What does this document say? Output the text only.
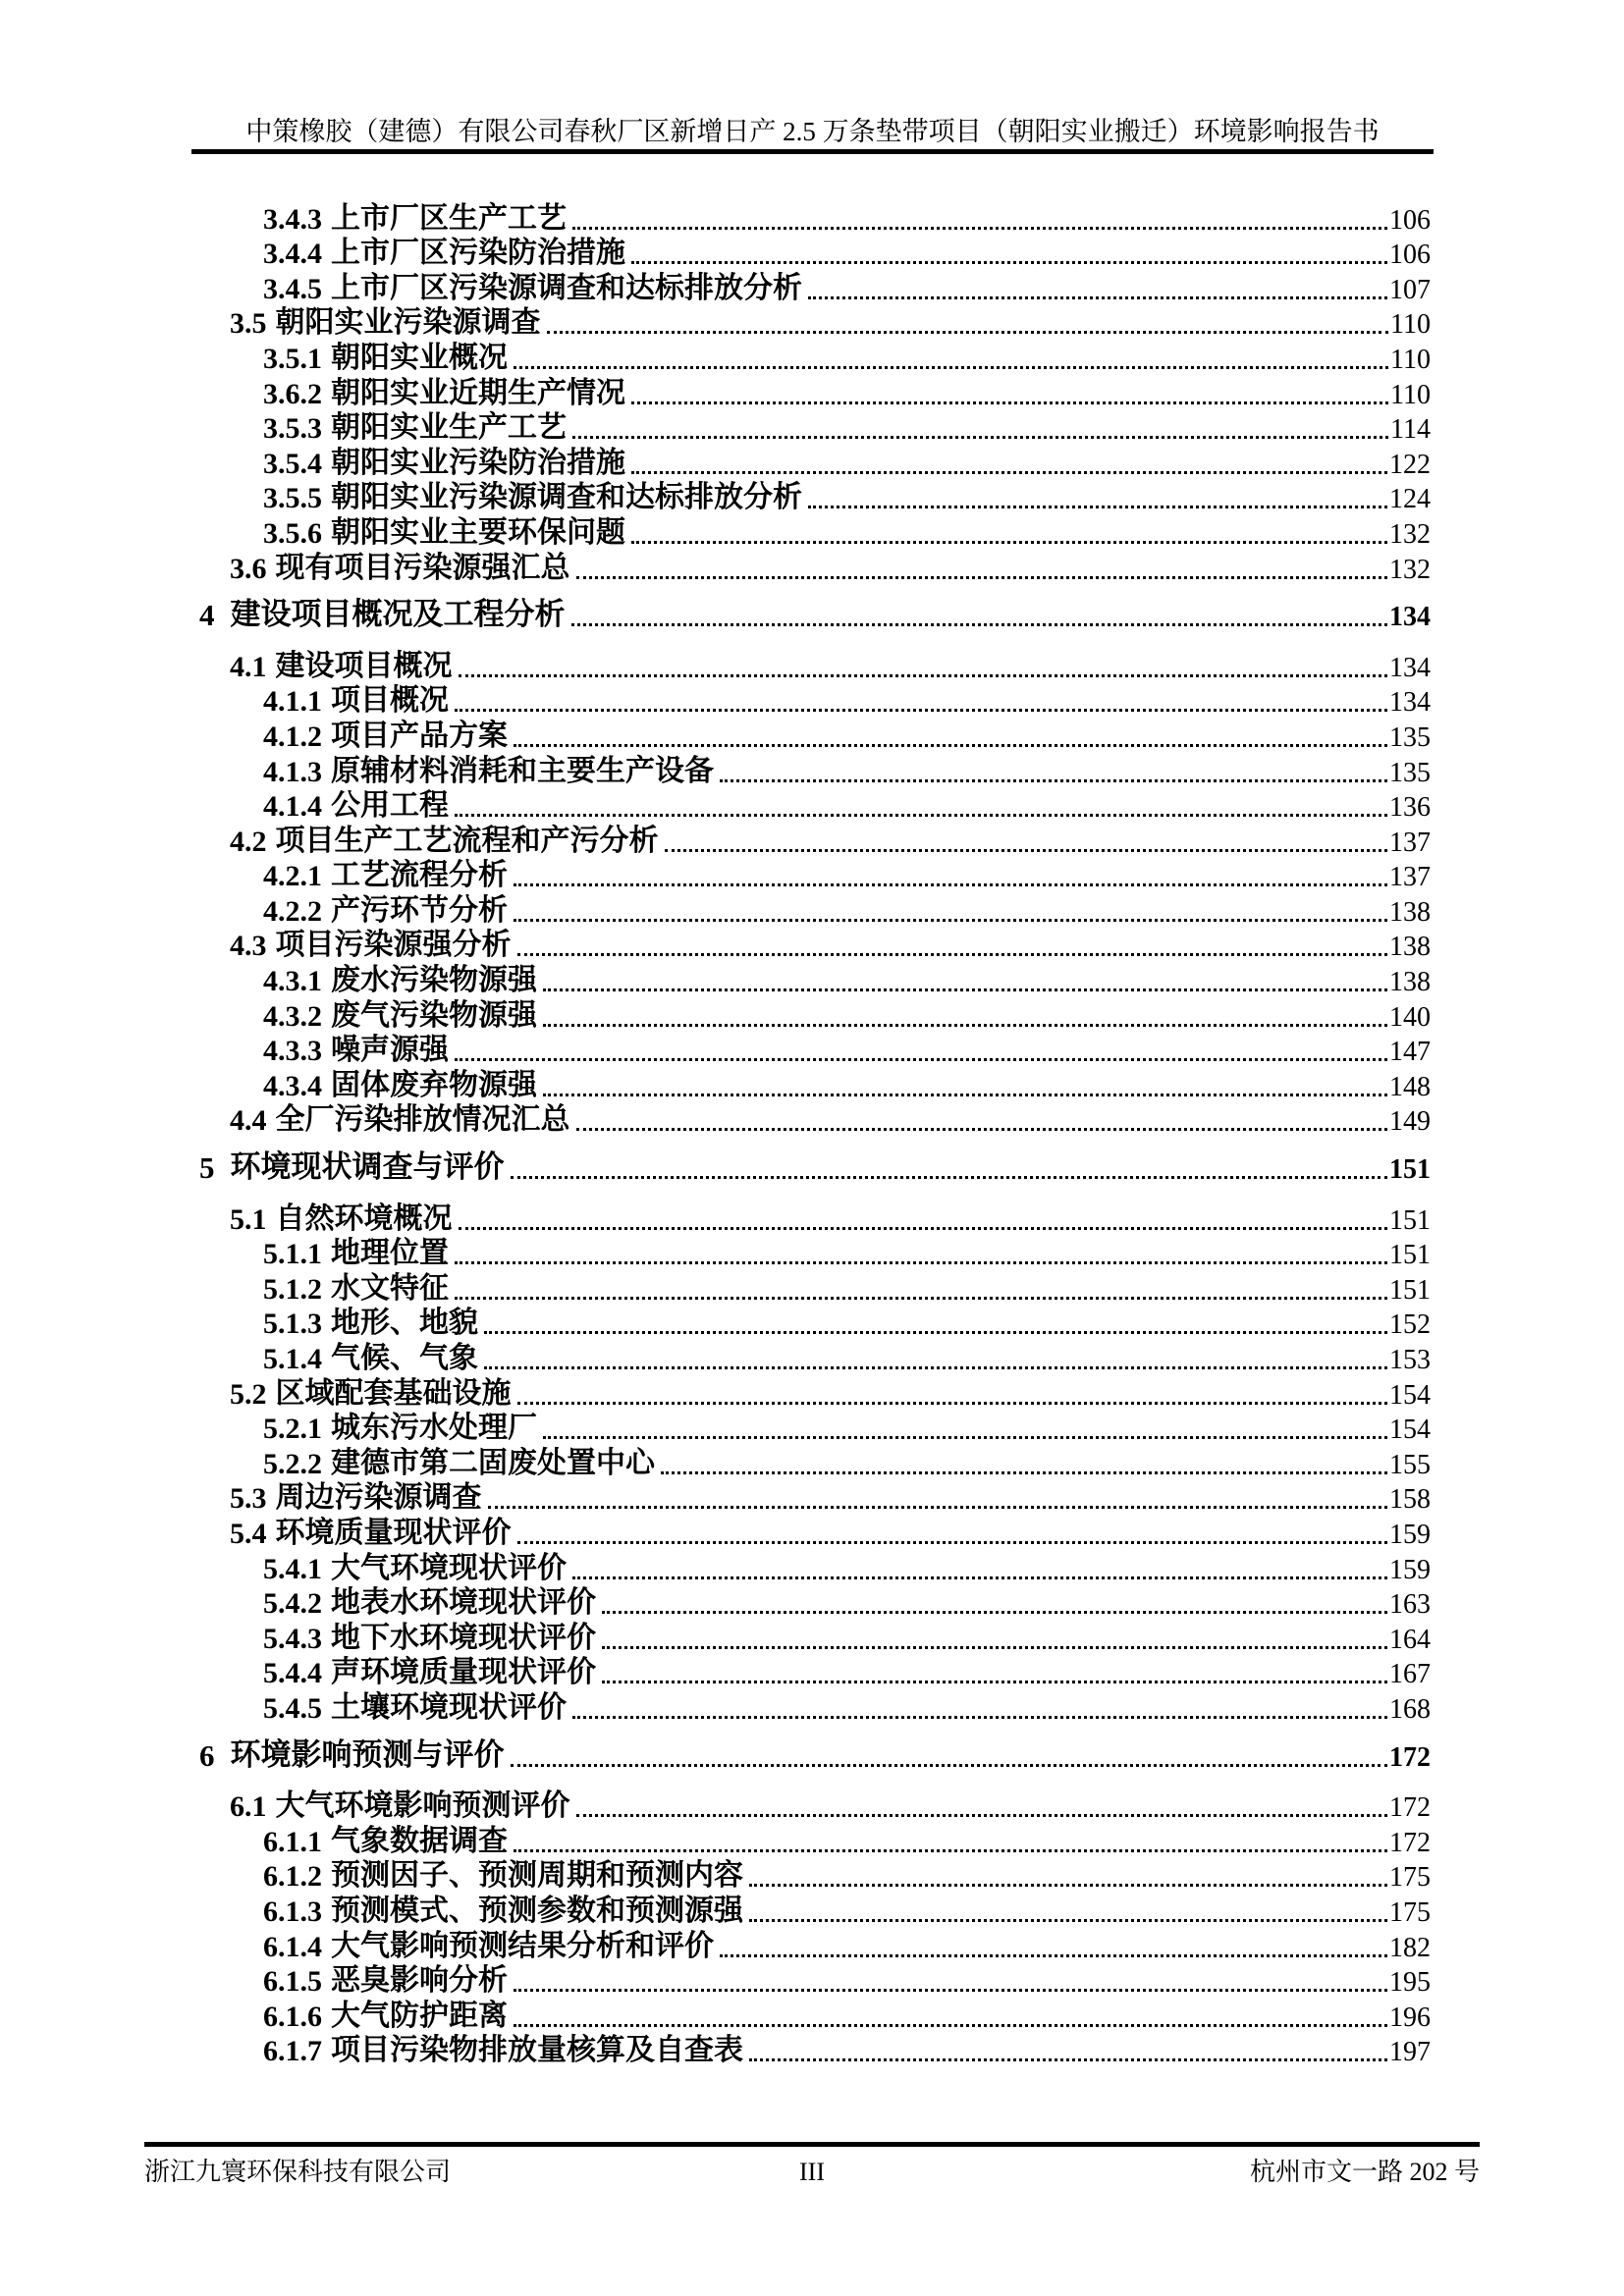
中策橡胶（建德）有限公司春秋厂区新增日产 2.5 万条垫带项目（朝阳实业搬迁）环境影响报告书
3.4.3 上市厂区生产工艺	106
3.4.4 上市厂区污染防治措施	106
3.4.5 上市厂区污染源调查和达标排放分析	107
3.5 朝阳实业污染源调查	110
3.5.1 朝阳实业概况	110
3.6.2 朝阳实业近期生产情况	110
3.5.3 朝阳实业生产工艺	114
3.5.4 朝阳实业污染防治措施	122
3.5.5 朝阳实业污染源调查和达标排放分析	124
3.5.6 朝阳实业主要环保问题	132
3.6 现有项目污染源强汇总	132
4 建设项目概况及工程分析	134
4.1 建设项目概况	134
4.1.1 项目概况	134
4.1.2 项目产品方案	135
4.1.3 原辅材料消耗和主要生产设备	135
4.1.4 公用工程	136
4.2 项目生产工艺流程和产污分析	137
4.2.1 工艺流程分析	137
4.2.2 产污环节分析	138
4.3 项目污染源强分析	138
4.3.1 废水污染物源强	138
4.3.2 废气污染物源强	140
4.3.3 噪声源强	147
4.3.4 固体废弃物源强	148
4.4 全厂污染排放情况汇总	149
5 环境现状调查与评价	151
5.1 自然环境概况	151
5.1.1 地理位置	151
5.1.2 水文特征	151
5.1.3 地形、地貌	152
5.1.4 气候、气象	153
5.2 区域配套基础设施	154
5.2.1 城东污水处理厂	154
5.2.2 建德市第二固废处置中心	155
5.3 周边污染源调查	158
5.4 环境质量现状评价	159
5.4.1 大气环境现状评价	159
5.4.2 地表水环境现状评价	163
5.4.3 地下水环境现状评价	164
5.4.4 声环境质量现状评价	167
5.4.5 土壤环境现状评价	168
6 环境影响预测与评价	172
6.1 大气环境影响预测评价	172
6.1.1 气象数据调查	172
6.1.2 预测因子、预测周期和预测内容	175
6.1.3 预测模式、预测参数和预测源强	175
6.1.4 大气影响预测结果分析和评价	182
6.1.5 恶臭影响分析	195
6.1.6 大气防护距离	196
6.1.7 项目污染物排放量核算及自查表	197
浙江九寰环保科技有限公司	III	杭州市文一路 202 号
